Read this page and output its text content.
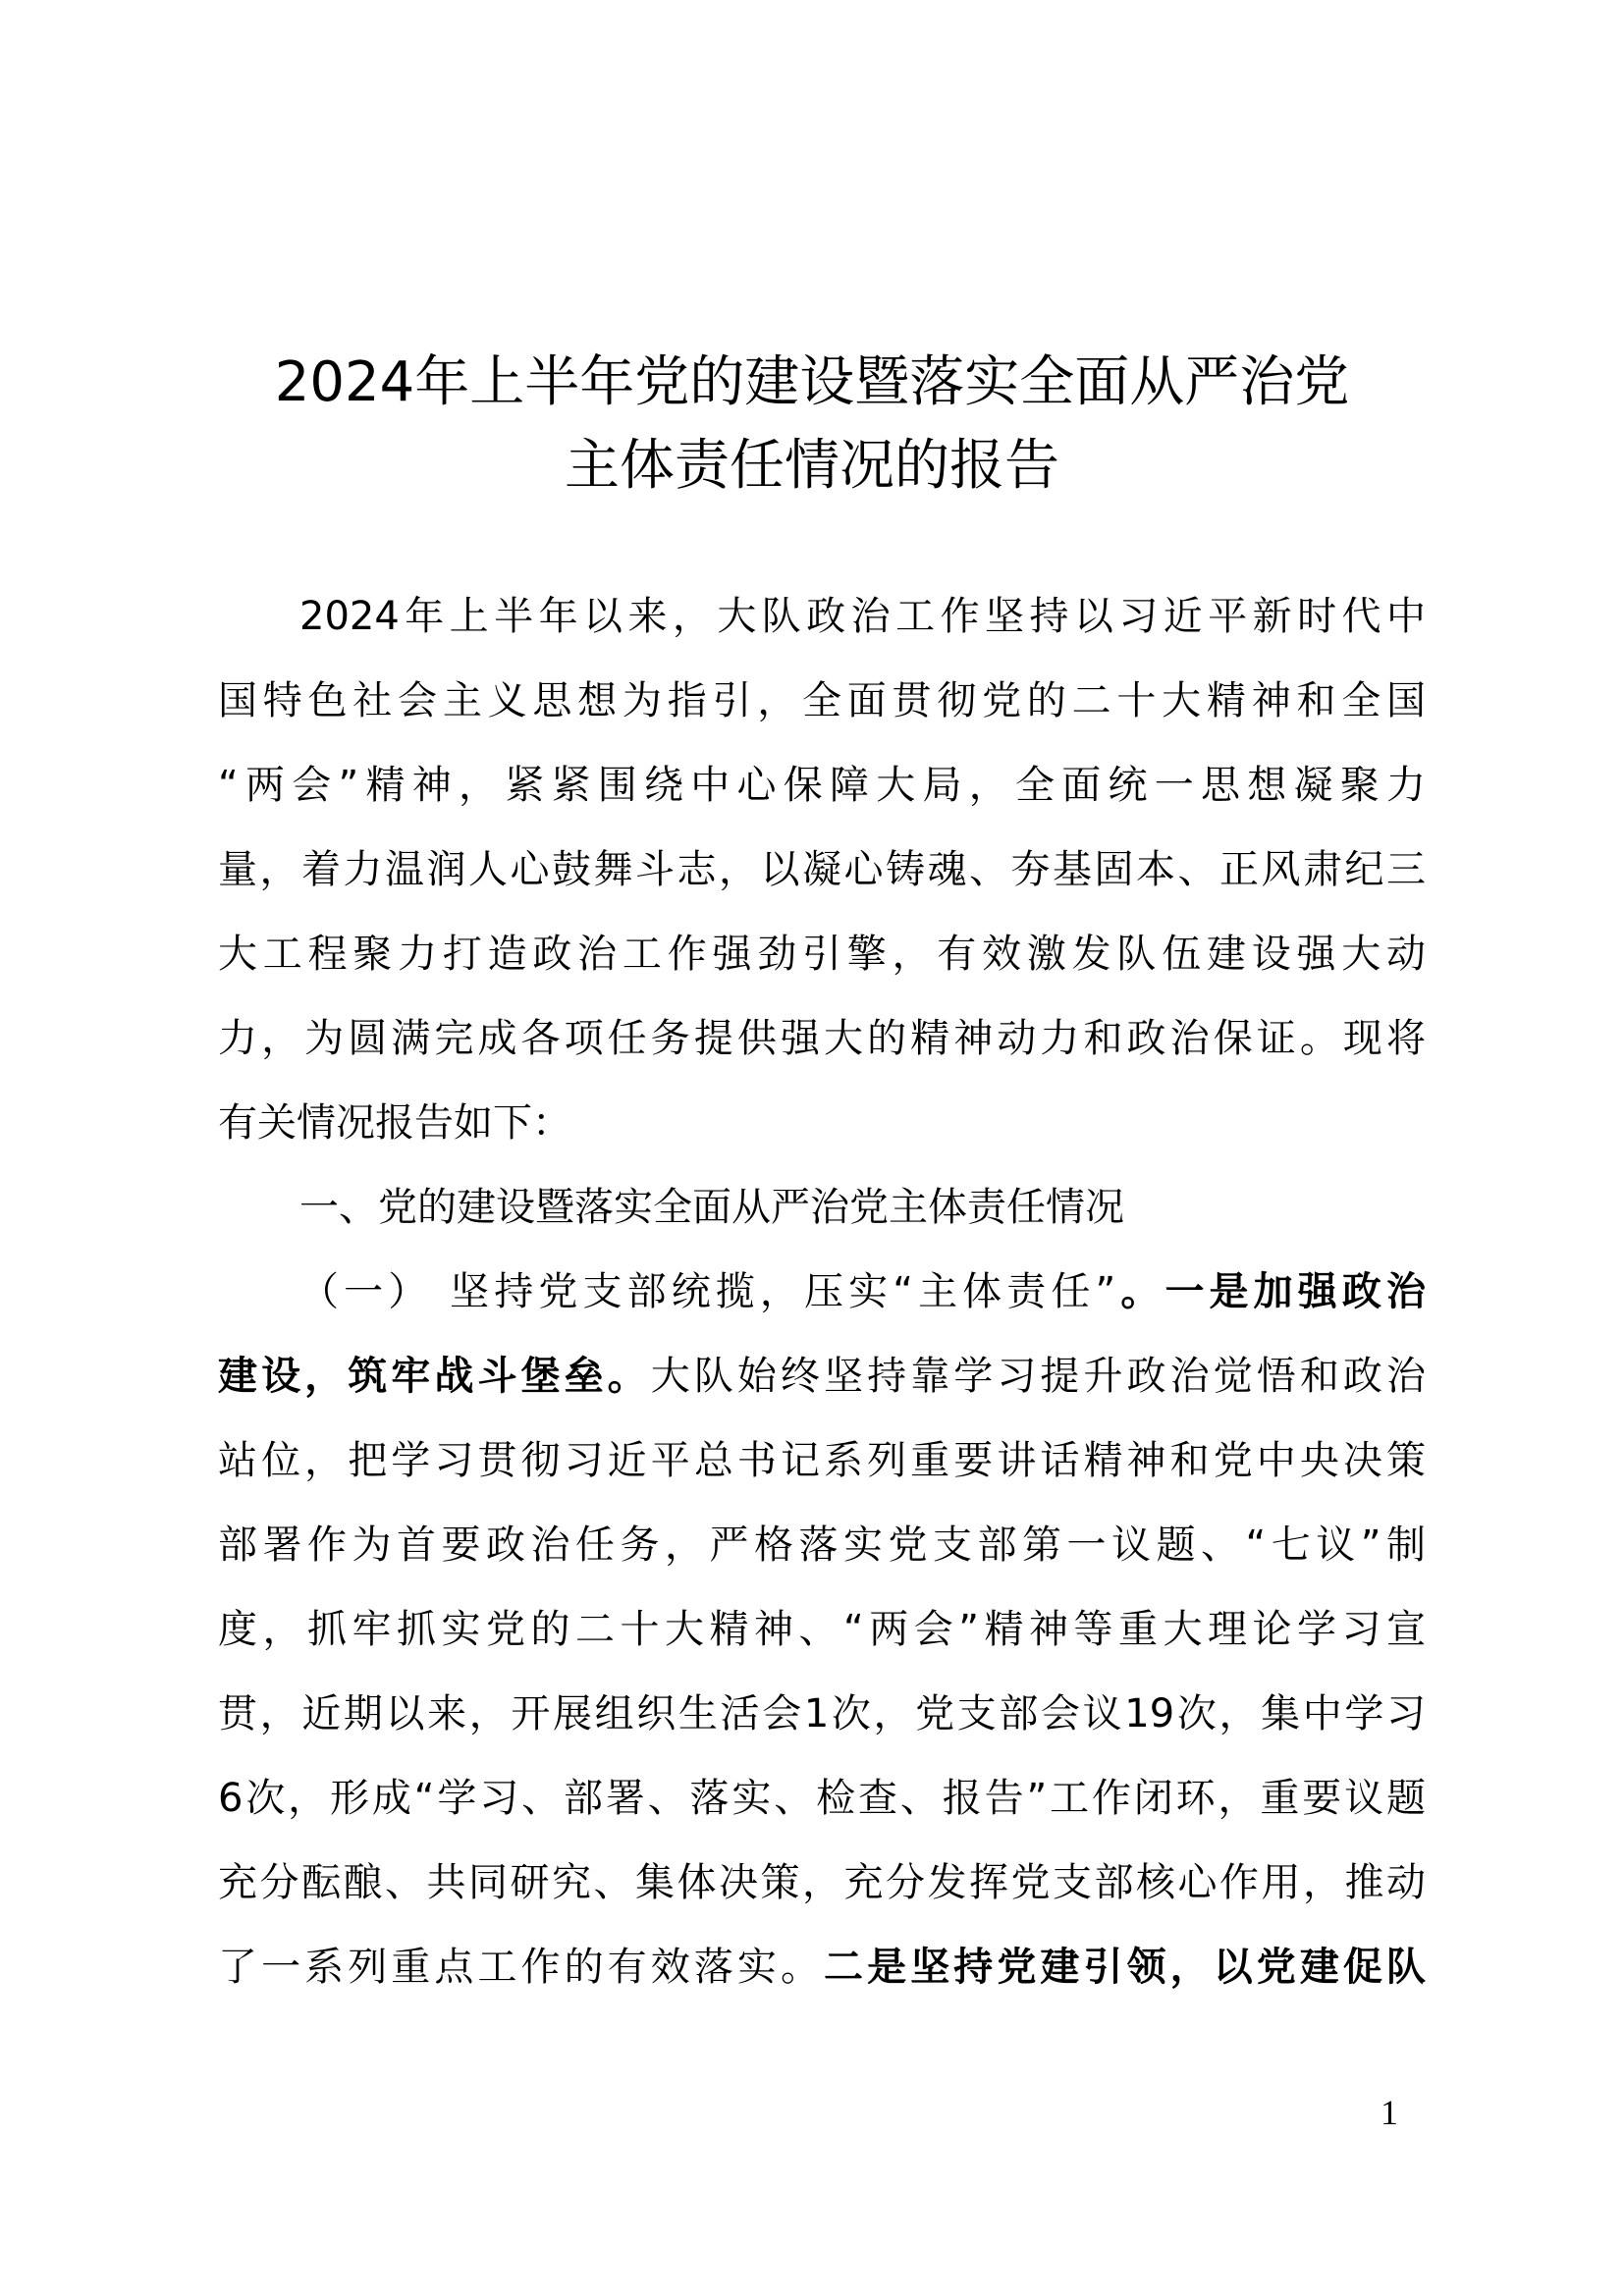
2024年上半年党的建设暨落实全面从严治党
主体责任情况的报告
2024年上半年以来，大队政治工作坚持以习近平新时代中
国特色社会主义思想为指引，全面贯彻党的二十大精神和全国
“两会”精神，紧紧围绕中心保障大局，全面统一思想凝聚力
量，着力温润人心鼓舞斗志，以凝心铸魂、夯基固本、正风肃纪三
大工程聚力打造政治工作强劲引擎，有效激发队伍建设强大动
力，为圆满完成各项任务提供强大的精神动力和政治保证。现将
有关情况报告如下：
一、党的建设暨落实全面从严治党主体责任情况
（一） 坚持党支部统揽，压实“主体责任”。一是加强政治
建设，筑牢战斗堡垒。大队始终坚持靠学习提升政治觉悟和政治
站位，把学习贯彻习近平总书记系列重要讲话精神和党中央决策
部署作为首要政治任务，严格落实党支部第一议题、“七议”制
度，抓牢抓实党的二十大精神、“两会”精神等重大理论学习宣
贯，近期以来，开展组织生活会1次，党支部会议19次，集中学习
6次，形成“学习、部署、落实、检查、报告”工作闭环，重要议题
充分酝酿、共同研究、集体决策，充分发挥党支部核心作用，推动
了一系列重点工作的有效落实。二是坚持党建引领，以党建促队
1
